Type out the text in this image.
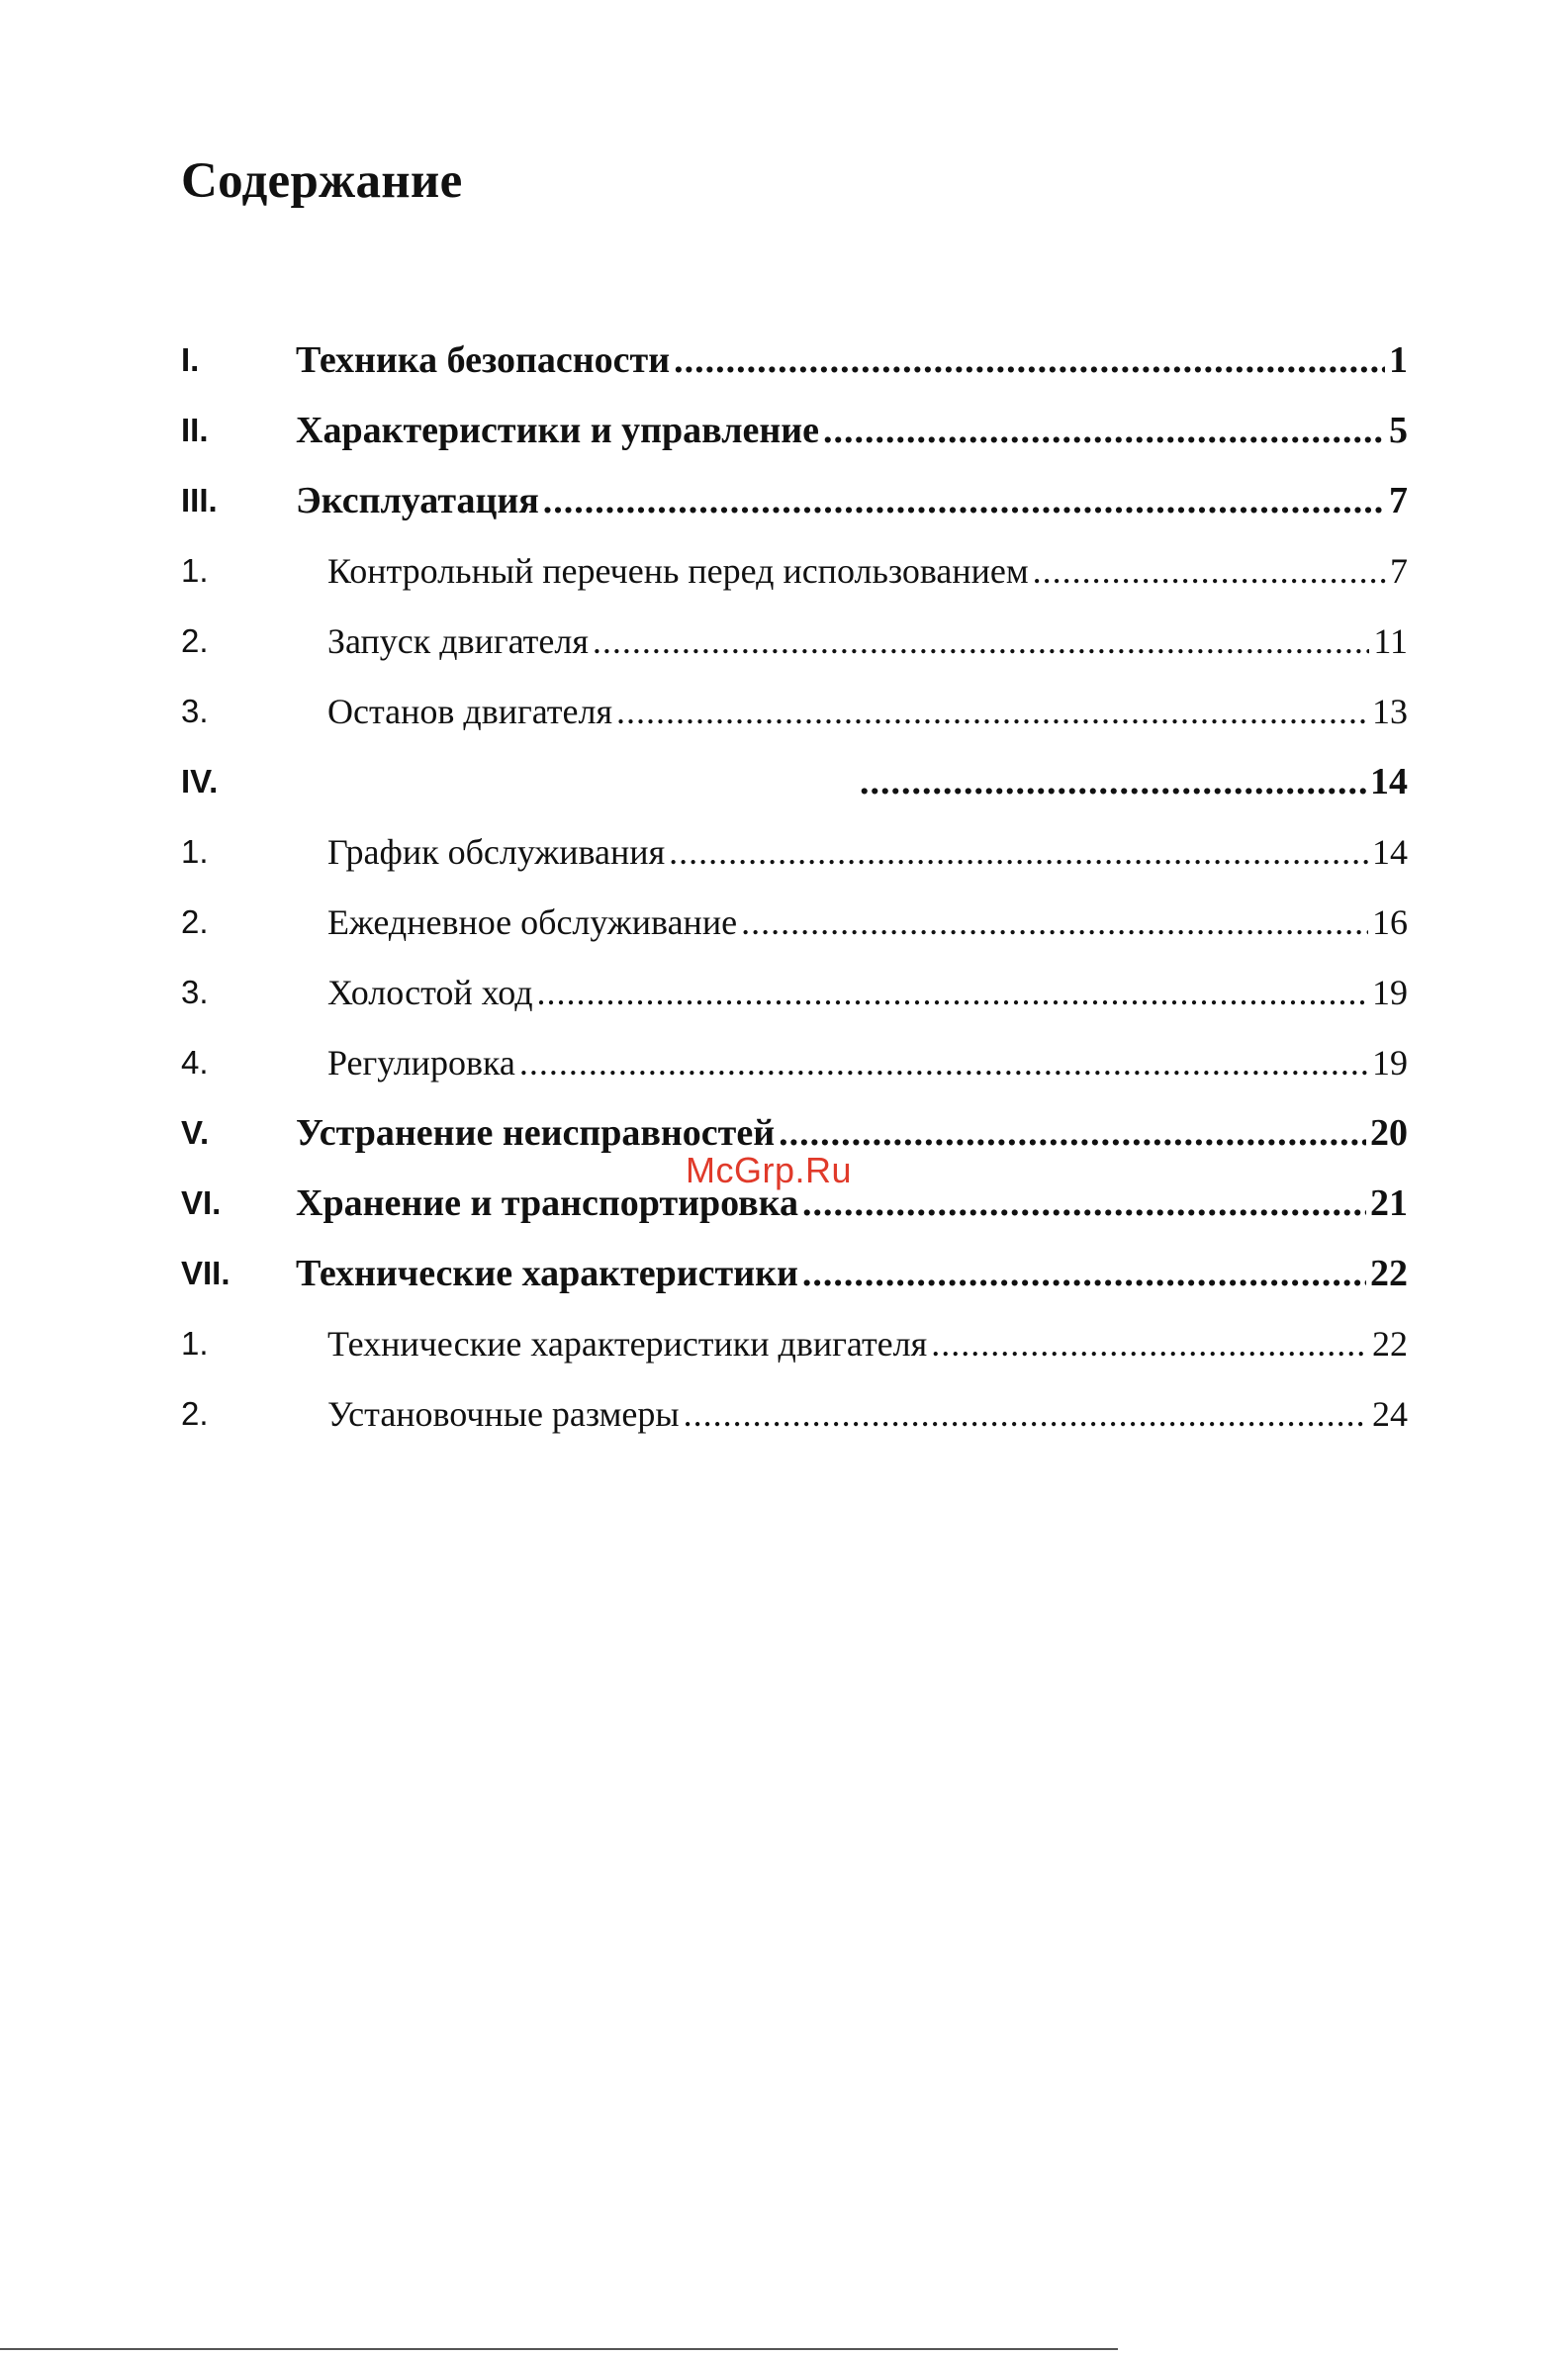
Содержание
I.	Техника безопасности .....	1
II. Характеристики и управление .....	5
III. Эксплуатация .....	7
1.	Контрольный перечень перед использованием .....	7
2.	Запуск двигателя .....	11
3.	Останов двигателя .....	13
IV. .....	14
1.	График обслуживания .....	14
2.	Ежедневное обслуживание .....	16
3.	Холостой ход .....	19
4.	Регулировка .....	19
V. Устранение неисправностей .....	20
VI. Хранение и транспортировка .....	21
VII. Технические характеристики .....	22
1.	Технические характеристики двигателя .....	22
2.	Установочные размеры .....	24
McGrp.Ru
